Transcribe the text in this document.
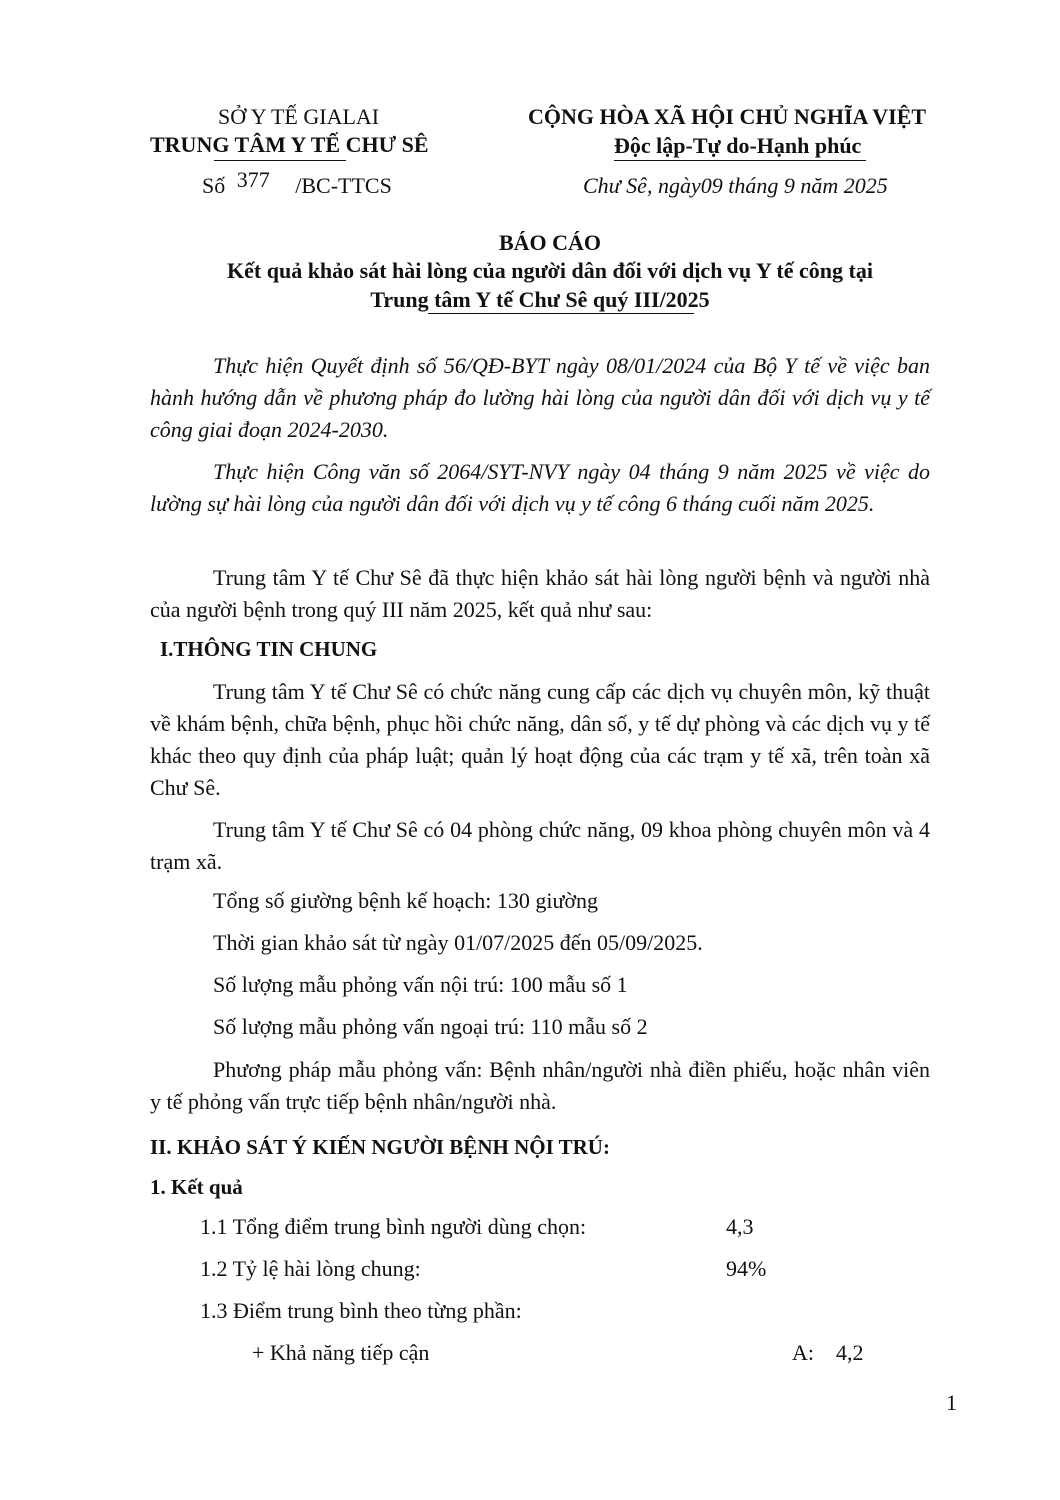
SỞ Y TẾ GIALAI
TRUNG TÂM Y TẾ CHƯ SÊ
Số 377 /BC-TTCS
CỘNG HÒA XÃ HỘI CHỦ NGHĨA VIỆT
Độc lập-Tự do-Hạnh phúc
Chư Sê, ngày09 tháng 9 năm 2025
BÁO CÁO
Kết quả khảo sát hài lòng của người dân đối với dịch vụ Y tế công tại
Trung tâm Y tế Chư Sê quý III/2025

Thực hiện Quyết định số 56/QĐ-BYT ngày 08/01/2024 của Bộ Y tế về việc ban hành hướng dẫn về phương pháp đo lường hài lòng của người dân đối với dịch vụ y tế công giai đoạn 2024-2030.

Thực hiện Công văn số 2064/SYT-NVY ngày 04 tháng 9 năm 2025 về việc do lường sự hài lòng của người dân đối với dịch vụ y tế công 6 tháng cuối năm 2025.

Trung tâm Y tế Chư Sê đã thực hiện khảo sát hài lòng người bệnh và người nhà của người bệnh trong quý III năm 2025, kết quả như sau:

I.THÔNG TIN CHUNG

Trung tâm Y tế Chư Sê có chức năng cung cấp các dịch vụ chuyên môn, kỹ thuật về khám bệnh, chữa bệnh, phục hồi chức năng, dân số, y tế dự phòng và các dịch vụ y tế khác theo quy định của pháp luật; quản lý hoạt động của các trạm y tế xã, trên toàn xã Chư Sê.

Trung tâm Y tế Chư Sê có 04 phòng chức năng, 09 khoa phòng chuyên môn và 4 trạm xã.

Tổng số giường bệnh kế hoạch: 130 giường
Thời gian khảo sát từ ngày 01/07/2025 đến 05/09/2025.
Số lượng mẫu phỏng vấn nội trú: 100 mẫu số 1
Số lượng mẫu phỏng vấn ngoại trú: 110 mẫu số 2

Phương pháp mẫu phỏng vấn: Bệnh nhân/người nhà điền phiếu, hoặc nhân viên y tế phỏng vấn trực tiếp bệnh nhân/người nhà.

II. KHẢO SÁT Ý KIẾN NGƯỜI BỆNH NỘI TRÚ:
1. Kết quả
1.1 Tổng điểm trung bình người dùng chọn:	4,3
1.2 Tỷ lệ hài lòng chung:	94%
1.3 Điểm trung bình theo từng phần:
+ Khả năng tiếp cận	A: 4,2
1
